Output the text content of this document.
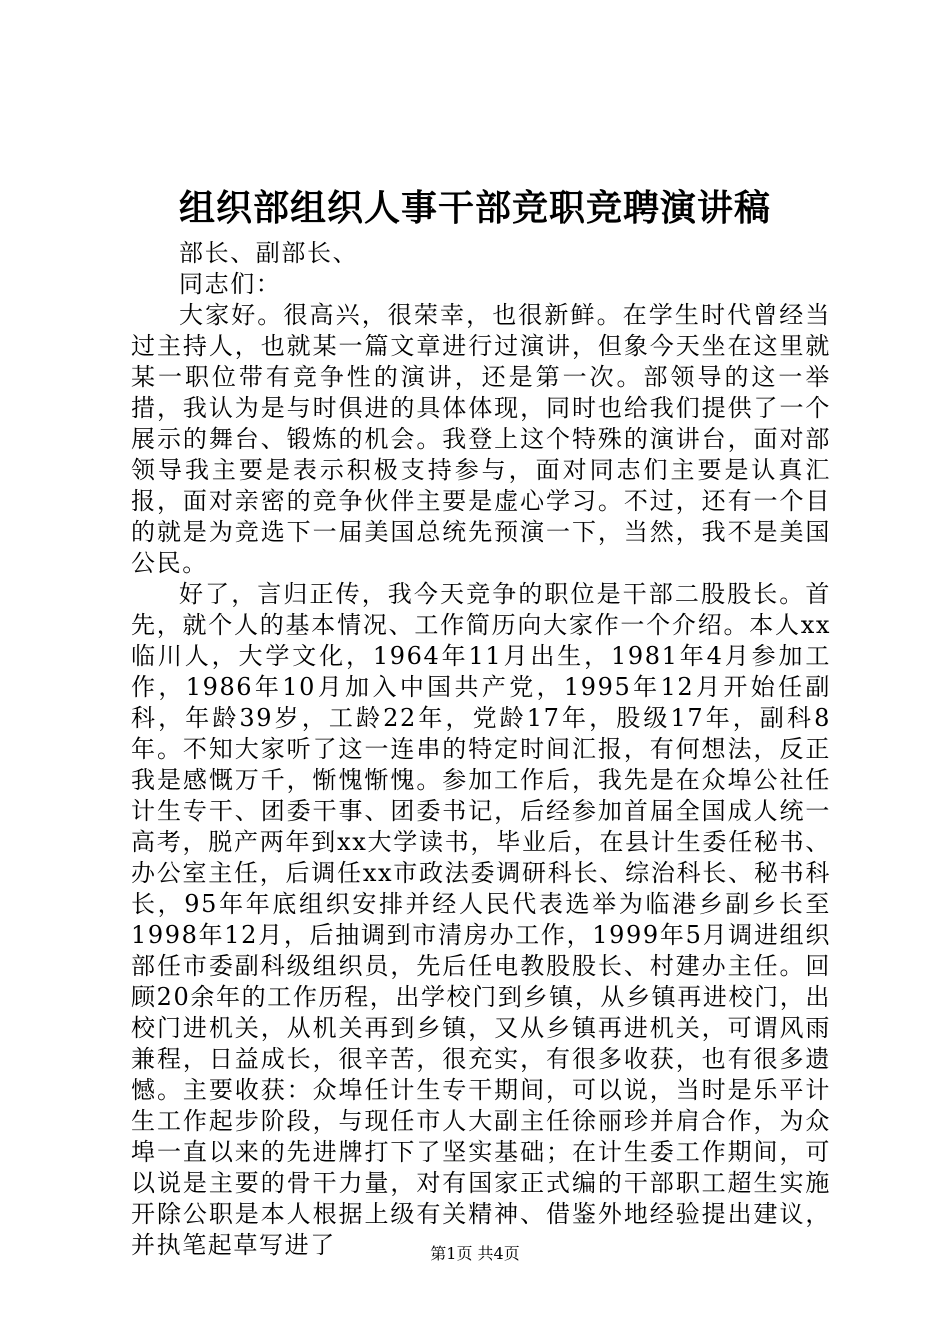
组织部组织人事干部竞职竞聘演讲稿

部长、副部长、

同志们：

大家好。很高兴，很荣幸，也很新鲜。在学生时代曾经当过主持人，也就某一篇文章进行过演讲，但象今天坐在这里就某一职位带有竞争性的演讲，还是第一次。部领导的这一举措，我认为是与时俱进的具体体现，同时也给我们提供了一个展示的舞台、锻炼的机会。我登上这个特殊的演讲台，面对部领导我主要是表示积极支持参与，面对同志们主要是认真汇报，面对亲密的竞争伙伴主要是虚心学习。不过，还有一个目的就是为竞选下一届美国总统先预演一下，当然，我不是美国公民。

好了，言归正传，我今天竞争的职位是干部二股股长。首先，就个人的基本情况、工作简历向大家作一个介绍。本人xx临川人，大学文化，1964年11月出生，1981年4月参加工作，1986年10月加入中国共产党，1995年12月开始任副科，年龄39岁，工龄22年，党龄17年，股级17年，副科8年。不知大家听了这一连串的特定时间汇报，有何想法，反正我是感慨万千，惭愧惭愧。参加工作后，我先是在众埠公社任计生专干、团委干事、团委书记，后经参加首届全国成人统一高考，脱产两年到xx大学读书，毕业后，在县计生委任秘书、办公室主任，后调任xx市政法委调研科长、综治科长、秘书科长，95年年底组织安排并经人民代表选举为临港乡副乡长至1998年12月，后抽调到市清房办工作，1999年5月调进组织部任市委副科级组织员，先后任电教股股长、村建办主任。回顾20余年的工作历程，出学校门到乡镇，从乡镇再进校门，出校门进机关，从机关再到乡镇，又从乡镇再进机关，可谓风雨兼程，日益成长，很辛苦，很充实，有很多收获，也有很多遗憾。主要收获：众埠任计生专干期间，可以说，当时是乐平计生工作起步阶段，与现任市人大副主任徐丽珍并肩合作，为众埠一直以来的先进牌打下了坚实基础；在计生委工作期间，可以说是主要的骨干力量，对有国家正式编的干部职工超生实施开除公职是本人根据上级有关精神、借鉴外地经验提出建议，并执笔起草写进了	第1页 共4页
